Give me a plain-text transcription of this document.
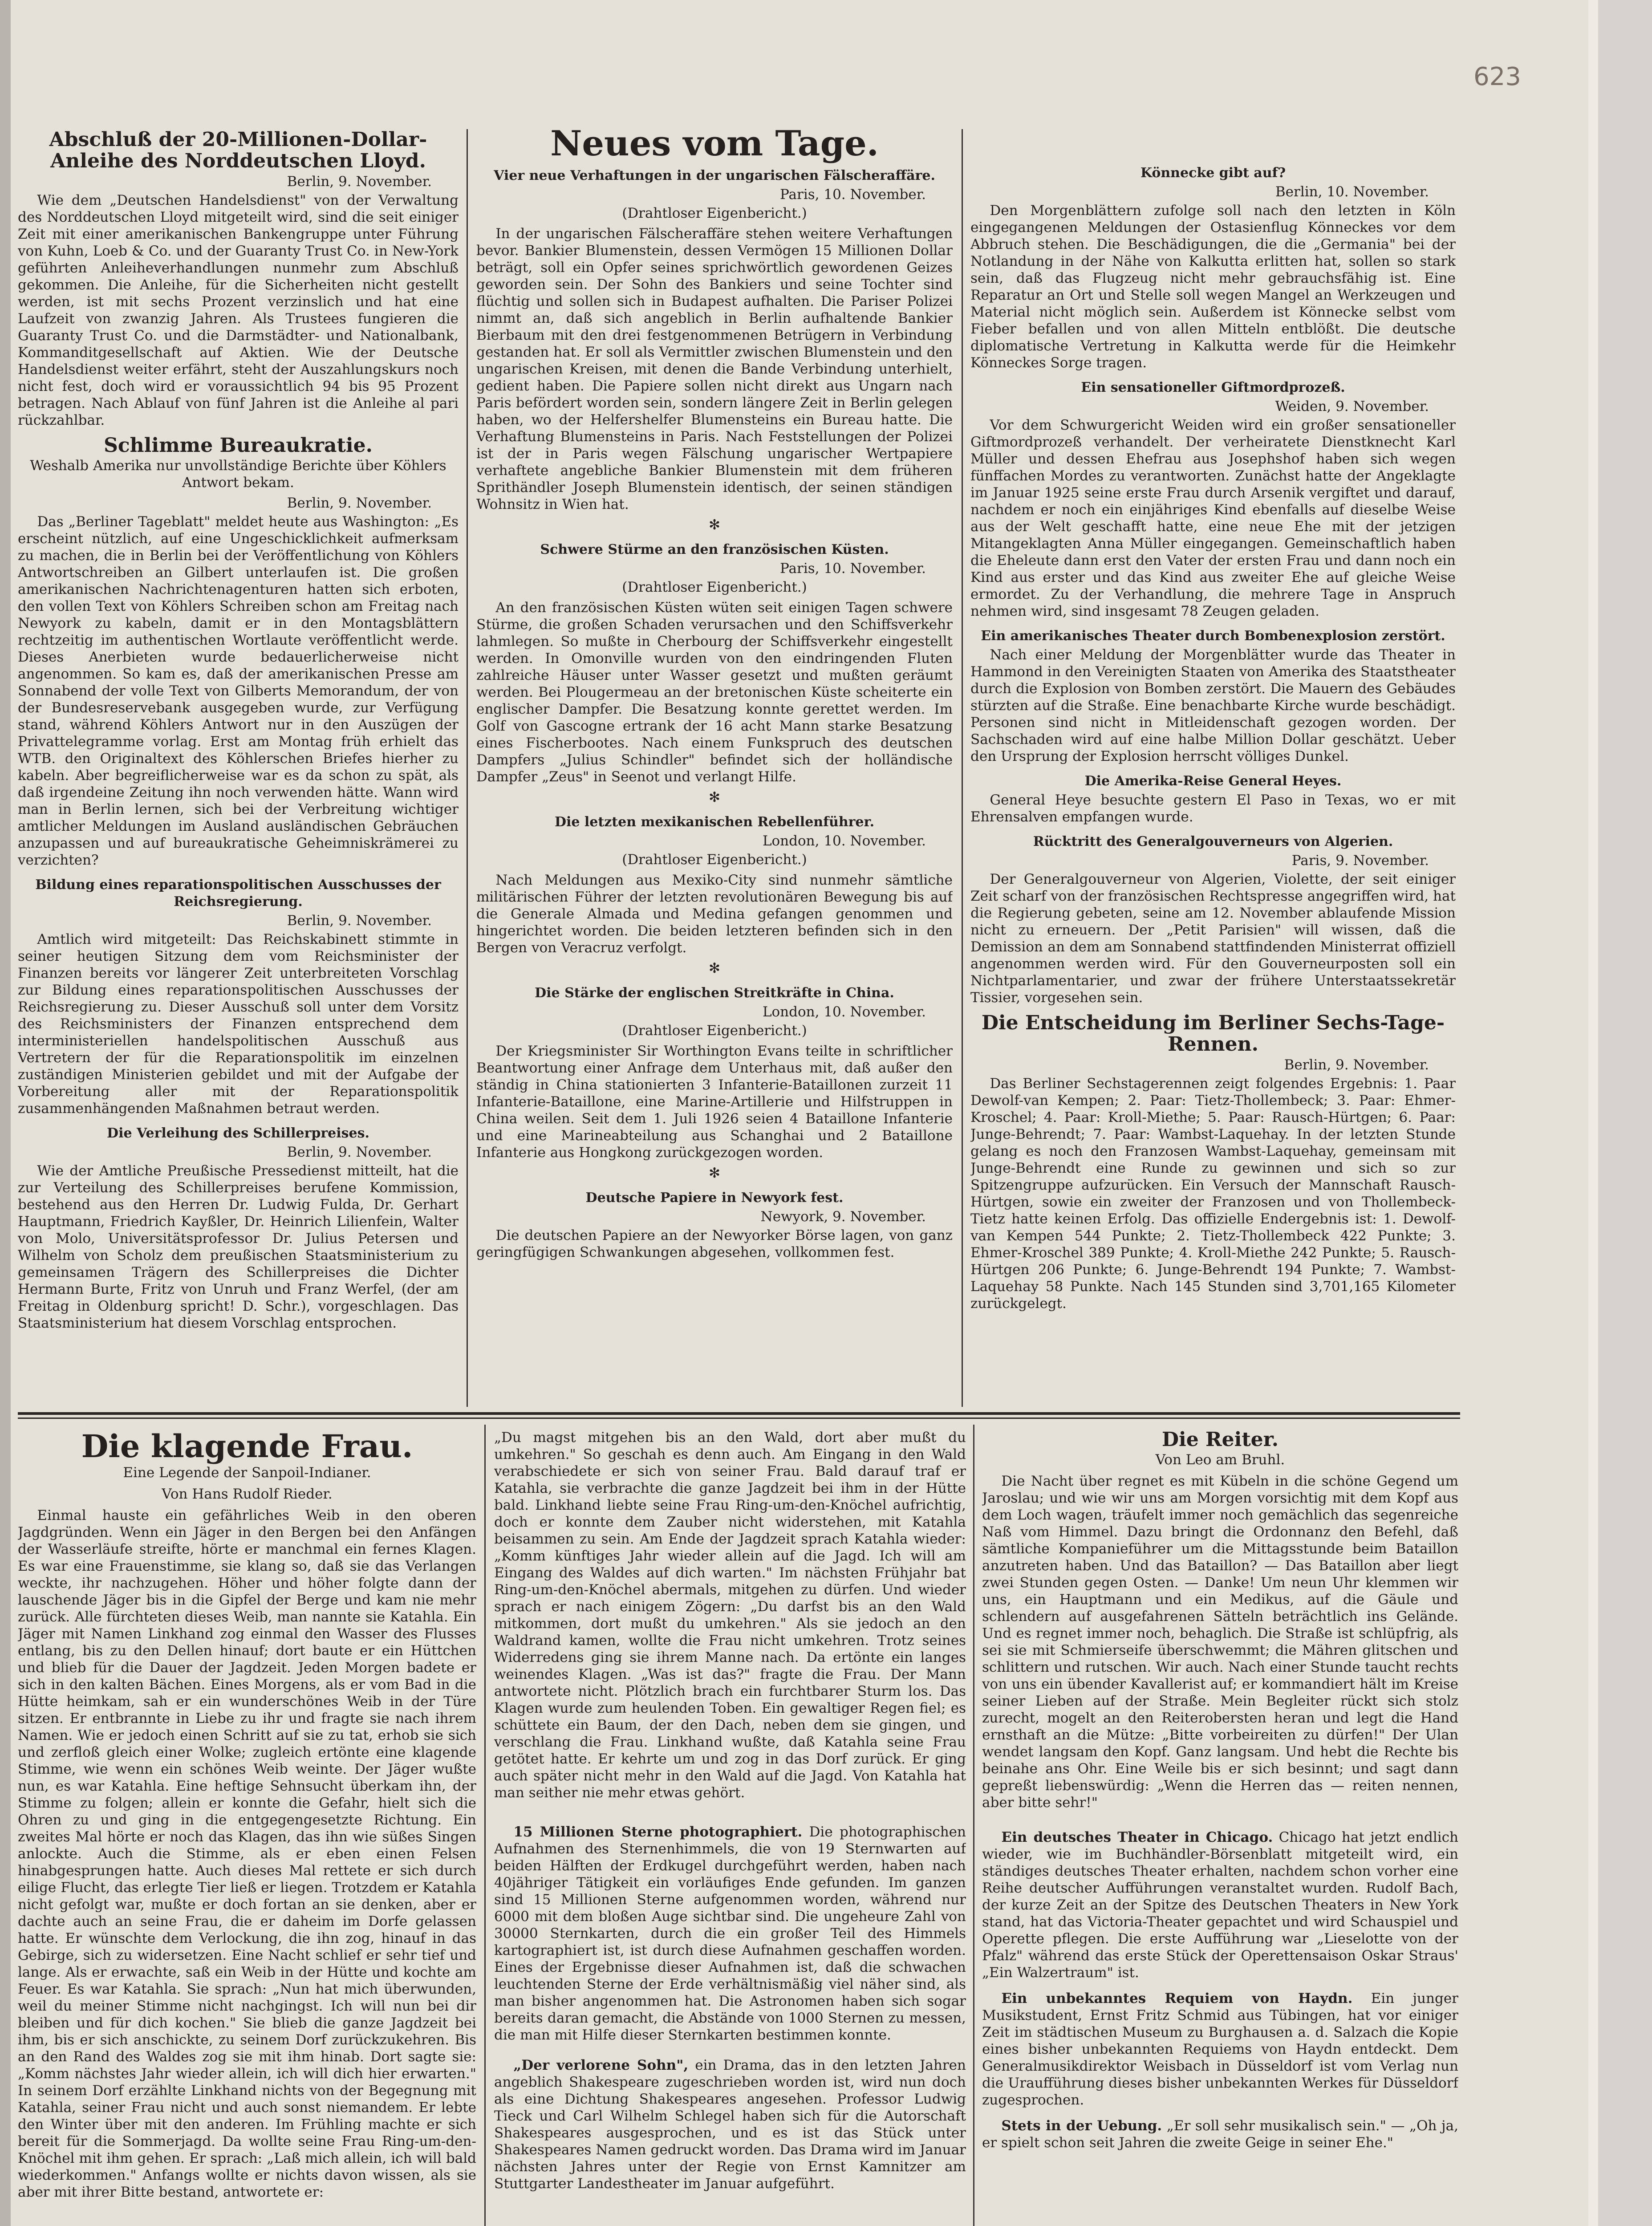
623

Abschluß der 20-Millionen-Dollar-Anleihe des Norddeutschen Lloyd.

Berlin, 9. November.

Wie dem „Deutschen Handelsdienst" von der Verwaltung des Norddeutschen Lloyd mitgeteilt wird, sind die seit einiger Zeit mit einer amerikanischen Bankengruppe unter Führung von Kuhn, Loeb & Co. und der Guaranty Trust Co. in New-York geführten Anleiheverhandlungen nunmehr zum Abschluß gekommen. Die Anleihe, für die Sicherheiten nicht gestellt werden, ist mit sechs Prozent verzinslich und hat eine Laufzeit von zwanzig Jahren. Als Trustees fungieren die Guaranty Trust Co. und die Darmstädter- und Nationalbank, Kommanditgesellschaft auf Aktien. Wie der Deutsche Handelsdienst weiter erfährt, steht der Auszahlungskurs noch nicht fest, doch wird er voraussichtlich 94 bis 95 Prozent betragen. Nach Ablauf von fünf Jahren ist die Anleihe al pari rückzahlbar.

Schlimme Bureaukratie.

Weshalb Amerika nur unvollständige Berichte über Köhlers Antwort bekam.
Berlin, 9. November.

Das „Berliner Tageblatt" meldet heute aus Washington: „Es erscheint nützlich, auf eine Ungeschicklichkeit aufmerksam zu machen, die in Berlin bei der Veröffentlichung von Köhlers Antwortschreiben an Gilbert unterlaufen ist. Die großen amerikanischen Nachrichtenagenturen hatten sich erboten, den vollen Text von Köhlers Schreiben schon am Freitag nach Newyork zu kabeln, damit er in den Montagsblättern rechtzeitig im authentischen Wortlaute veröffentlicht werde. Dieses Anerbieten wurde bedauerlicherweise nicht angenommen. So kam es, daß der amerikanischen Presse am Sonnabend der volle Text von Gilberts Memorandum, der von der Bundesreservebank ausgegeben wurde, zur Verfügung stand, während Köhlers Antwort nur in den Auszügen der Privattelegramme vorlag. Erst am Montag früh erhielt das WTB. den Originaltext des Köhlerschen Briefes hierher zu kabeln. Aber begreiflicherweise war es da schon zu spät, als daß irgendeine Zeitung ihn noch verwenden hätte. Wann wird man in Berlin lernen, sich bei der Verbreitung wichtiger amtlicher Meldungen im Ausland ausländischen Gebräuchen anzupassen und auf bureaukratische Geheimniskrämerei zu verzichten?

Bildung eines reparationspolitischen Ausschusses der Reichsregierung.
Berlin, 9. November.

Amtlich wird mitgeteilt: Das Reichskabinett stimmte in seiner heutigen Sitzung dem vom Reichsminister der Finanzen bereits vor längerer Zeit unterbreiteten Vorschlag zur Bildung eines reparationspolitischen Ausschusses der Reichsregierung zu. Dieser Ausschuß soll unter dem Vorsitz des Reichsministers der Finanzen entsprechend dem interministeriellen handelspolitischen Ausschuß aus Vertretern der für die Reparationspolitik im einzelnen zuständigen Ministerien gebildet und mit der Aufgabe der Vorbereitung aller mit der Reparationspolitik zusammenhängenden Maßnahmen betraut werden.

Die Verleihung des Schillerpreises.
Berlin, 9. November.

Wie der Amtliche Preußische Pressedienst mitteilt, hat die zur Verteilung des Schillerpreises berufene Kommission, bestehend aus den Herren Dr. Ludwig Fulda, Dr. Gerhart Hauptmann, Friedrich Kayßler, Dr. Heinrich Lilienfein, Walter von Molo, Universitätsprofessor Dr. Julius Petersen und Wilhelm von Scholz dem preußischen Staatsministerium zu gemeinsamen Trägern des Schillerpreises die Dichter Hermann Burte, Fritz von Unruh und Franz Werfel, (der am Freitag in Oldenburg spricht! D. Schr.), vorgeschlagen. Das Staatsministerium hat diesem Vorschlag entsprochen.

Neues vom Tage.

Vier neue Verhaftungen in der ungarischen Fälscheraffäre.
Paris, 10. November.
(Drahtloser Eigenbericht.)

In der ungarischen Fälscheraffäre stehen weitere Verhaftungen bevor. Bankier Blumenstein, dessen Vermögen 15 Millionen Dollar beträgt, soll ein Opfer seines sprichwörtlich gewordenen Geizes geworden sein. Der Sohn des Bankiers und seine Tochter sind flüchtig und sollen sich in Budapest aufhalten. Die Pariser Polizei nimmt an, daß sich angeblich in Berlin aufhaltende Bankier Bierbaum mit den drei festgenommenen Betrügern in Verbindung gestanden hat. Er soll als Vermittler zwischen Blumenstein und den ungarischen Kreisen, mit denen die Bande Verbindung unterhielt, gedient haben. Die Papiere sollen nicht direkt aus Ungarn nach Paris befördert worden sein, sondern längere Zeit in Berlin gelegen haben, wo der Helfershelfer Blumensteins ein Bureau hatte. Die Verhaftung Blumensteins in Paris. Nach Feststellungen der Polizei ist der in Paris wegen Fälschung ungarischer Wertpapiere verhaftete angebliche Bankier Blumenstein mit dem früheren Sprithändler Joseph Blumenstein identisch, der seinen ständigen Wohnsitz in Wien hat.

✻
Schwere Stürme an den französischen Küsten.
Paris, 10. November.
(Drahtloser Eigenbericht.)

An den französischen Küsten wüten seit einigen Tagen schwere Stürme, die großen Schaden verursachen und den Schiffsverkehr lahmlegen. So mußte in Cherbourg der Schiffsverkehr eingestellt werden. In Omonville wurden von den eindringenden Fluten zahlreiche Häuser unter Wasser gesetzt und mußten geräumt werden. Bei Plougermeau an der bretonischen Küste scheiterte ein englischer Dampfer. Die Besatzung konnte gerettet werden. Im Golf von Gascogne ertrank der 16 acht Mann starke Besatzung eines Fischerbootes. Nach einem Funkspruch des deutschen Dampfers „Julius Schindler" befindet sich der holländische Dampfer „Zeus" in Seenot und verlangt Hilfe.

✻
Die letzten mexikanischen Rebellenführer.
London, 10. November.
(Drahtloser Eigenbericht.)

Nach Meldungen aus Mexiko-City sind nunmehr sämtliche militärischen Führer der letzten revolutionären Bewegung bis auf die Generale Almada und Medina gefangen genommen und hingerichtet worden. Die beiden letzteren befinden sich in den Bergen von Veracruz verfolgt.

✻
Die Stärke der englischen Streitkräfte in China.
London, 10. November.
(Drahtloser Eigenbericht.)

Der Kriegsminister Sir Worthington Evans teilte in schriftlicher Beantwortung einer Anfrage dem Unterhaus mit, daß außer den ständig in China stationierten 3 Infanterie-Bataillonen zurzeit 11 Infanterie-Bataillone, eine Marine-Artillerie und Hilfstruppen in China weilen. Seit dem 1. Juli 1926 seien 4 Bataillone Infanterie und eine Marineabteilung aus Schanghai und 2 Bataillone Infanterie aus Hongkong zurückgezogen worden.

✻
Deutsche Papiere in Newyork fest.
Newyork, 9. November.

Die deutschen Papiere an der Newyorker Börse lagen, von ganz geringfügigen Schwankungen abgesehen, vollkommen fest.

Könnecke gibt auf?
Berlin, 10. November.

Den Morgenblättern zufolge soll nach den letzten in Köln eingegangenen Meldungen der Ostasienflug Könneckes vor dem Abbruch stehen. Die Beschädigungen, die die „Germania" bei der Notlandung in der Nähe von Kalkutta erlitten hat, sollen so stark sein, daß das Flugzeug nicht mehr gebrauchsfähig ist. Eine Reparatur an Ort und Stelle soll wegen Mangel an Werkzeugen und Material nicht möglich sein. Außerdem ist Könnecke selbst vom Fieber befallen und von allen Mitteln entblößt. Die deutsche diplomatische Vertretung in Kalkutta werde für die Heimkehr Könneckes Sorge tragen.

Ein sensationeller Giftmordprozeß.
Weiden, 9. November.

Vor dem Schwurgericht Weiden wird ein großer sensationeller Giftmordprozeß verhandelt. Der verheiratete Dienstknecht Karl Müller und dessen Ehefrau aus Josephshof haben sich wegen fünffachen Mordes zu verantworten. Zunächst hatte der Angeklagte im Januar 1925 seine erste Frau durch Arsenik vergiftet und darauf, nachdem er noch ein einjähriges Kind ebenfalls auf dieselbe Weise aus der Welt geschafft hatte, eine neue Ehe mit der jetzigen Mitangeklagten Anna Müller eingegangen. Gemeinschaftlich haben die Eheleute dann erst den Vater der ersten Frau und dann noch ein Kind aus erster und das Kind aus zweiter Ehe auf gleiche Weise ermordet. Zu der Verhandlung, die mehrere Tage in Anspruch nehmen wird, sind insgesamt 78 Zeugen geladen.

Ein amerikanisches Theater durch Bombenexplosion zerstört.

Nach einer Meldung der Morgenblätter wurde das Theater in Hammond in den Vereinigten Staaten von Amerika des Staatstheater durch die Explosion von Bomben zerstört. Die Mauern des Gebäudes stürzten auf die Straße. Eine benachbarte Kirche wurde beschädigt. Personen sind nicht in Mitleidenschaft gezogen worden. Der Sachschaden wird auf eine halbe Million Dollar geschätzt. Ueber den Ursprung der Explosion herrscht völliges Dunkel.

Die Amerika-Reise General Heyes.

General Heye besuchte gestern El Paso in Texas, wo er mit Ehrensalven empfangen wurde.

Rücktritt des Generalgouverneurs von Algerien.
Paris, 9. November.

Der Generalgouverneur von Algerien, Violette, der seit einiger Zeit scharf von der französischen Rechtspresse angegriffen wird, hat die Regierung gebeten, seine am 12. November ablaufende Mission nicht zu erneuern. Der „Petit Parisien" will wissen, daß die Demission an dem am Sonnabend stattfindenden Ministerrat offiziell angenommen werden wird. Für den Gouverneurposten soll ein Nichtparlamentarier, und zwar der frühere Unterstaatssekretär Tissier, vorgesehen sein.

Die Entscheidung im Berliner Sechs-Tage-Rennen.

Berlin, 9. November.

Das Berliner Sechstagerennen zeigt folgendes Ergebnis: 1. Paar Dewolf-van Kempen; 2. Paar: Tietz-Thollembeck; 3. Paar: Ehmer-Kroschel; 4. Paar: Kroll-Miethe; 5. Paar: Rausch-Hürtgen; 6. Paar: Junge-Behrendt; 7. Paar: Wambst-Laquehay. In der letzten Stunde gelang es noch den Franzosen Wambst-Laquehay, gemeinsam mit Junge-Behrendt eine Runde zu gewinnen und sich so zur Spitzengruppe aufzurücken. Ein Versuch der Mannschaft Rausch-Hürtgen, sowie ein zweiter der Franzosen und von Thollembeck-Tietz hatte keinen Erfolg. Das offizielle Endergebnis ist: 1. Dewolf-van Kempen 544 Punkte; 2. Tietz-Thollembeck 422 Punkte; 3. Ehmer-Kroschel 389 Punkte; 4. Kroll-Miethe 242 Punkte; 5. Rausch-Hürtgen 206 Punkte; 6. Junge-Behrendt 194 Punkte; 7. Wambst-Laquehay 58 Punkte. Nach 145 Stunden sind 3,701,165 Kilometer zurückgelegt.

Die klagende Frau.

Eine Legende der Sanpoil-Indianer.
Von Hans Rudolf Rieder.

Einmal hauste ein gefährliches Weib in den oberen Jagdgründen. Wenn ein Jäger in den Bergen bei den Anfängen der Wasserläufe streifte, hörte er manchmal ein fernes Klagen. Es war eine Frauenstimme, sie klang so, daß sie das Verlangen weckte, ihr nachzugehen. Höher und höher folgte dann der lauschende Jäger bis in die Gipfel der Berge und kam nie mehr zurück. Alle fürchteten dieses Weib, man nannte sie Katahla. Ein Jäger mit Namen Linkhand zog einmal den Wasser des Flusses entlang, bis zu den Dellen hinauf; dort baute er ein Hüttchen und blieb für die Dauer der Jagdzeit. Jeden Morgen badete er sich in den kalten Bächen. Eines Morgens, als er vom Bad in die Hütte heimkam, sah er ein wunderschönes Weib in der Türe sitzen. Er entbrannte in Liebe zu ihr und fragte sie nach ihrem Namen. Wie er jedoch einen Schritt auf sie zu tat, erhob sie sich und zerfloß gleich einer Wolke; zugleich ertönte eine klagende Stimme, wie wenn ein schönes Weib weinte. Der Jäger wußte nun, es war Katahla. Eine heftige Sehnsucht überkam ihn, der Stimme zu folgen; allein er konnte die Gefahr, hielt sich die Ohren zu und ging in die entgegengesetzte Richtung. Ein zweites Mal hörte er noch das Klagen, das ihn wie süßes Singen anlockte. Auch die Stimme, als er eben einen Felsen hinabgesprungen hatte. Auch dieses Mal rettete er sich durch eilige Flucht, das erlegte Tier ließ er liegen. Trotzdem er Katahla nicht gefolgt war, mußte er doch fortan an sie denken, aber er dachte auch an seine Frau, die er daheim im Dorfe gelassen hatte. Er wünschte dem Verlockung, die ihn zog, hinauf in das Gebirge, sich zu widersetzen. Eine Nacht schlief er sehr tief und lange. Als er erwachte, saß ein Weib in der Hütte und kochte am Feuer. Es war Katahla. Sie sprach: „Nun hat mich überwunden, weil du meiner Stimme nicht nachgingst. Ich will nun bei dir bleiben und für dich kochen." Sie blieb die ganze Jagdzeit bei ihm, bis er sich anschickte, zu seinem Dorf zurückzukehren. Bis an den Rand des Waldes zog sie mit ihm hinab. Dort sagte sie: „Komm nächstes Jahr wieder allein, ich will dich hier erwarten." In seinem Dorf erzählte Linkhand nichts von der Begegnung mit Katahla, seiner Frau nicht und auch sonst niemandem. Er lebte den Winter über mit den anderen. Im Frühling machte er sich bereit für die Sommerjagd. Da wollte seine Frau Ring-um-den-Knöchel mit ihm gehen. Er sprach: „Laß mich allein, ich will bald wiederkommen." Anfangs wollte er nichts davon wissen, als sie aber mit ihrer Bitte bestand, antwortete er:

„Du magst mitgehen bis an den Wald, dort aber mußt du umkehren." So geschah es denn auch. Am Eingang in den Wald verabschiedete er sich von seiner Frau. Bald darauf traf er Katahla, sie verbrachte die ganze Jagdzeit bei ihm in der Hütte bald. Linkhand liebte seine Frau Ring-um-den-Knöchel aufrichtig, doch er konnte dem Zauber nicht widerstehen, mit Katahla beisammen zu sein. Am Ende der Jagdzeit sprach Katahla wieder: „Komm künftiges Jahr wieder allein auf die Jagd. Ich will am Eingang des Waldes auf dich warten." Im nächsten Frühjahr bat Ring-um-den-Knöchel abermals, mitgehen zu dürfen. Und wieder sprach er nach einigem Zögern: „Du darfst bis an den Wald mitkommen, dort mußt du umkehren." Als sie jedoch an den Waldrand kamen, wollte die Frau nicht umkehren. Trotz seines Widerredens ging sie ihrem Manne nach. Da ertönte ein langes weinendes Klagen. „Was ist das?" fragte die Frau. Der Mann antwortete nicht. Plötzlich brach ein furchtbarer Sturm los. Das Klagen wurde zum heulenden Toben. Ein gewaltiger Regen fiel; es schüttete ein Baum, der den Dach, neben dem sie gingen, und verschlang die Frau. Linkhand wußte, daß Katahla seine Frau getötet hatte. Er kehrte um und zog in das Dorf zurück. Er ging auch später nicht mehr in den Wald auf die Jagd. Von Katahla hat man seither nie mehr etwas gehört.

15 Millionen Sterne photographiert. Die photographischen Aufnahmen des Sternenhimmels, die von 19 Sternwarten auf beiden Hälften der Erdkugel durchgeführt werden, haben nach 40jähriger Tätigkeit ein vorläufiges Ende gefunden. Im ganzen sind 15 Millionen Sterne aufgenommen worden, während nur 6000 mit dem bloßen Auge sichtbar sind. Die ungeheure Zahl von 30000 Sternkarten, durch die ein großer Teil des Himmels kartographiert ist, ist durch diese Aufnahmen geschaffen worden. Eines der Ergebnisse dieser Aufnahmen ist, daß die schwachen leuchtenden Sterne der Erde verhältnismäßig viel näher sind, als man bisher angenommen hat. Die Astronomen haben sich sogar bereits daran gemacht, die Abstände von 1000 Sternen zu messen, die man mit Hilfe dieser Sternkarten bestimmen konnte.

„Der verlorene Sohn", ein Drama, das in den letzten Jahren angeblich Shakespeare zugeschrieben worden ist, wird nun doch als eine Dichtung Shakespeares angesehen. Professor Ludwig Tieck und Carl Wilhelm Schlegel haben sich für die Autorschaft Shakespeares ausgesprochen, und es ist das Stück unter Shakespeares Namen gedruckt worden. Das Drama wird im Januar nächsten Jahres unter der Regie von Ernst Kamnitzer am Stuttgarter Landestheater im Januar aufgeführt.

Die Reiter.

Von Leo am Bruhl.

Die Nacht über regnet es mit Kübeln in die schöne Gegend um Jaroslau; und wie wir uns am Morgen vorsichtig mit dem Kopf aus dem Loch wagen, träufelt immer noch gemächlich das segenreiche Naß vom Himmel. Dazu bringt die Ordonnanz den Befehl, daß sämtliche Kompanieführer um die Mittagsstunde beim Bataillon anzutreten haben. Und das Bataillon? — Das Bataillon aber liegt zwei Stunden gegen Osten. — Danke! Um neun Uhr klemmen wir uns, ein Hauptmann und ein Medikus, auf die Gäule und schlendern auf ausgefahrenen Sätteln beträchtlich ins Gelände. Und es regnet immer noch, behaglich. Die Straße ist schlüpfrig, als sei sie mit Schmierseife überschwemmt; die Mähren glitschen und schlittern und rutschen. Wir auch. Nach einer Stunde taucht rechts von uns ein übender Kavallerist auf; er kommandiert hält im Kreise seiner Lieben auf der Straße. Mein Begleiter rückt sich stolz zurecht, mogelt an den Reiterobersten heran und legt die Hand ernsthaft an die Mütze: „Bitte vorbeireiten zu dürfen!" Der Ulan wendet langsam den Kopf. Ganz langsam. Und hebt die Rechte bis beinahe ans Ohr. Eine Weile bis er sich besinnt; und sagt dann gepreßt liebenswürdig: „Wenn die Herren das — reiten nennen, aber bitte sehr!"

Ein deutsches Theater in Chicago. Chicago hat jetzt endlich wieder, wie im Buchhändler-Börsenblatt mitgeteilt wird, ein ständiges deutsches Theater erhalten, nachdem schon vorher eine Reihe deutscher Aufführungen veranstaltet wurden. Rudolf Bach, der kurze Zeit an der Spitze des Deutschen Theaters in New York stand, hat das Victoria-Theater gepachtet und wird Schauspiel und Operette pflegen. Die erste Aufführung war „Lieselotte von der Pfalz" während das erste Stück der Operettensaison Oskar Straus' „Ein Walzertraum" ist.

Ein unbekanntes Requiem von Haydn. Ein junger Musikstudent, Ernst Fritz Schmid aus Tübingen, hat vor einiger Zeit im städtischen Museum zu Burghausen a. d. Salzach die Kopie eines bisher unbekannten Requiems von Haydn entdeckt. Dem Generalmusikdirektor Weisbach in Düsseldorf ist vom Verlag nun die Uraufführung dieses bisher unbekannten Werkes für Düsseldorf zugesprochen.

Stets in der Uebung. „Er soll sehr musikalisch sein." — „Oh ja, er spielt schon seit Jahren die zweite Geige in seiner Ehe."
